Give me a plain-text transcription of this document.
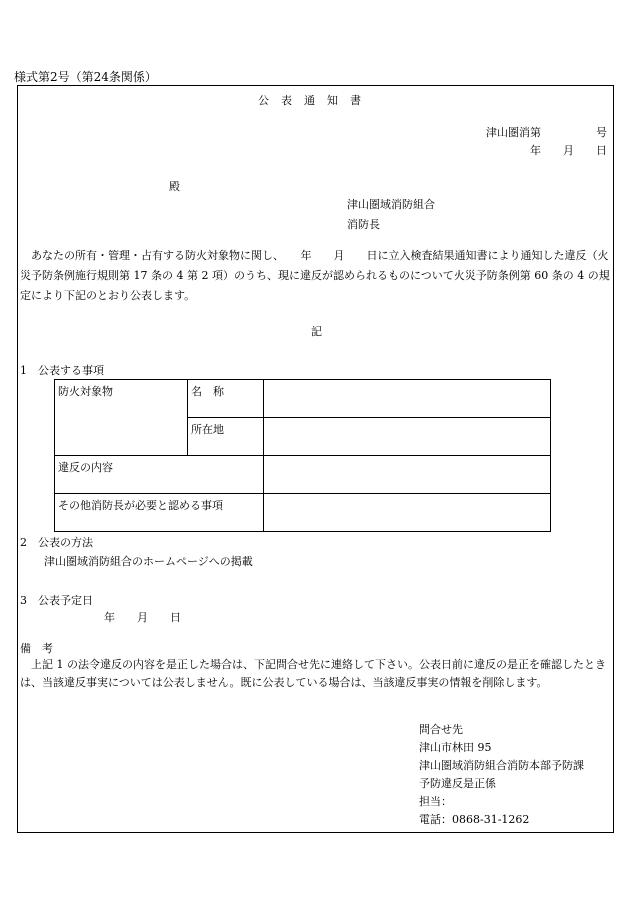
様式第2号（第24条関係）
公表通知書
津山圏消第　　　　　号
年　　月　　日
殿
津山圏域消防組合
消防長
　あなたの所有・管理・占有する防火対象物に関し、　　年　　月　　日に立入検査結果通知書により通知した違反（火災予防条例施行規則第 17 条の 4 第 2 項）のうち、現に違反が認められるものについて火災予防条例第 60 条の 4 の規定により下記のとおり公表します。
記
1　公表する事項
防火対象物	名　称	
	所在地	
違反の内容		
その他消防長が必要と認める事項		
2　公表の方法
津山圏域消防組合のホームページへの掲載
3　公表予定日
年　　月　　日
備　考
　上記 1 の法令違反の内容を是正した場合は、下記問合せ先に連絡して下さい。公表日前に違反の是正を確認したときは、当該違反事実については公表しません。既に公表している場合は、当該違反事実の情報を削除します。
問合せ先
津山市林田 95
津山圏域消防組合消防本部予防課
予防違反是正係
担当：
電話：0868-31-1262
